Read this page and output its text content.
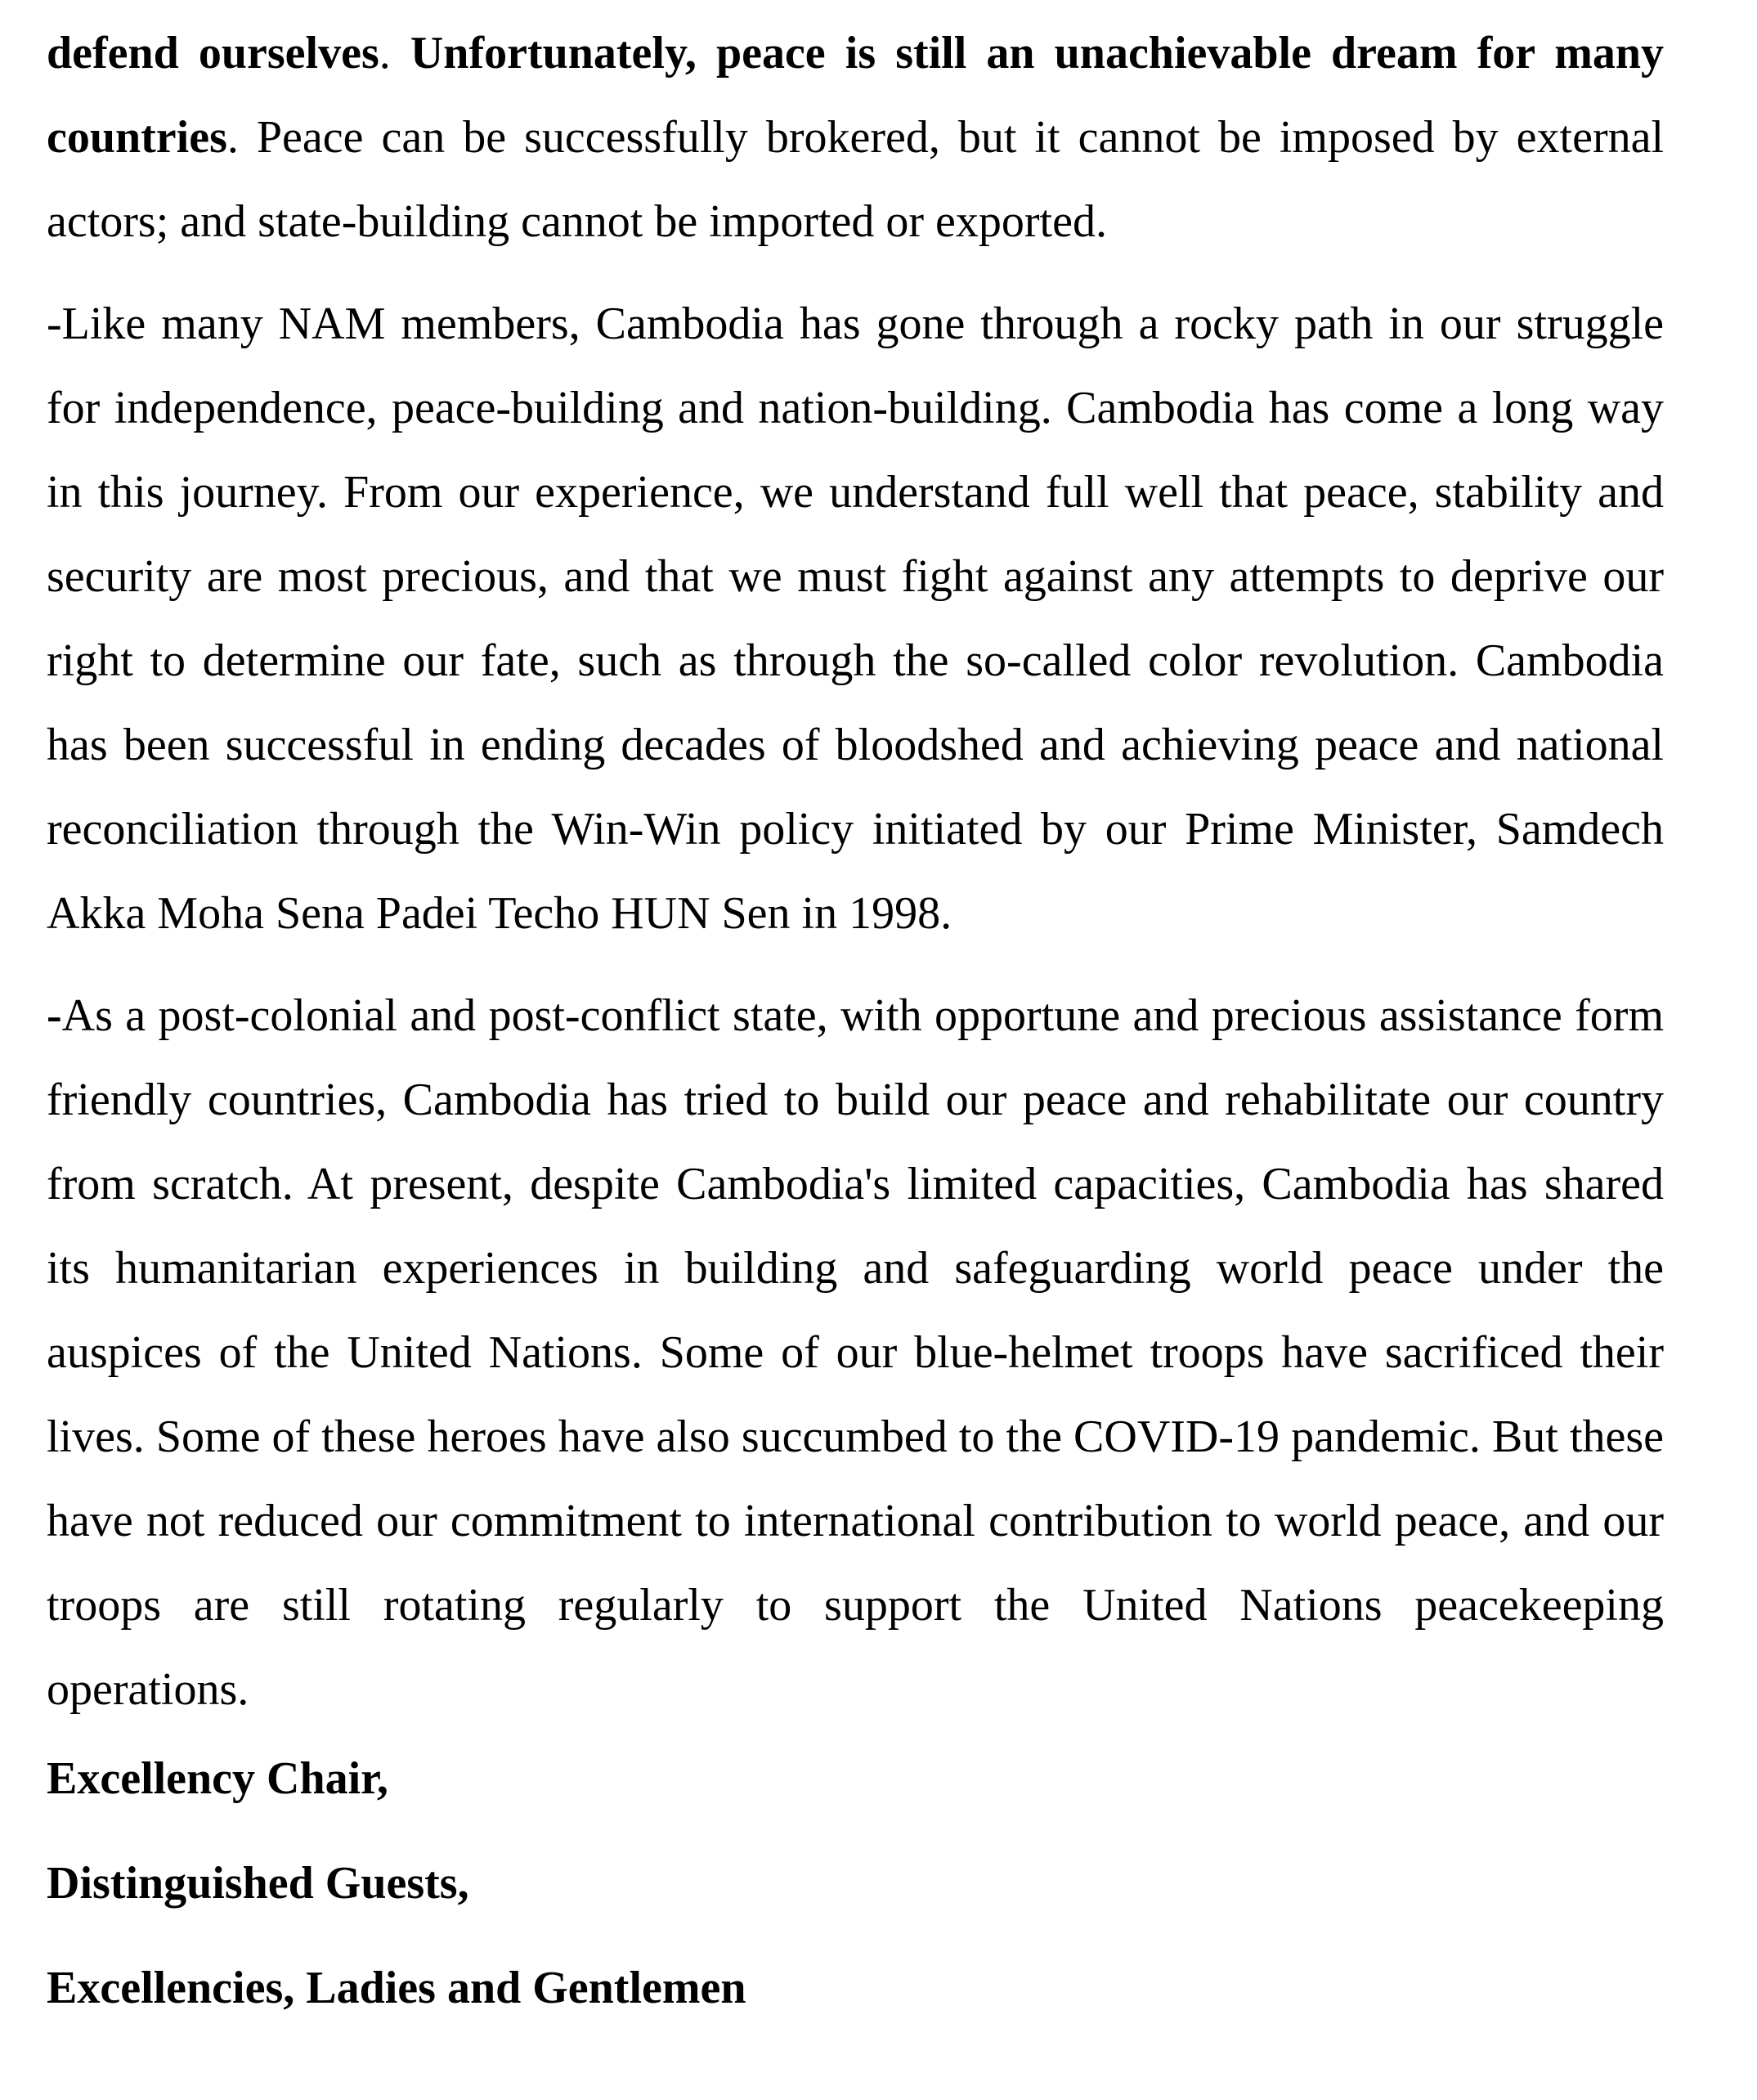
defend ourselves. Unfortunately, peace is still an unachievable dream for many countries. Peace can be successfully brokered, but it cannot be imposed by external actors; and state-building cannot be imported or exported.

-Like many NAM members, Cambodia has gone through a rocky path in our struggle for independence, peace-building and nation-building. Cambodia has come a long way in this journey. From our experience, we understand full well that peace, stability and security are most precious, and that we must fight against any attempts to deprive our right to determine our fate, such as through the so-called color revolution. Cambodia has been successful in ending decades of bloodshed and achieving peace and national reconciliation through the Win-Win policy initiated by our Prime Minister, Samdech Akka Moha Sena Padei Techo HUN Sen in 1998.

-As a post-colonial and post-conflict state, with opportune and precious assistance form friendly countries, Cambodia has tried to build our peace and rehabilitate our country from scratch. At present, despite Cambodia's limited capacities, Cambodia has shared its humanitarian experiences in building and safeguarding world peace under the auspices of the United Nations. Some of our blue-helmet troops have sacrificed their lives. Some of these heroes have also succumbed to the COVID-19 pandemic. But these have not reduced our commitment to international contribution to world peace, and our troops are still rotating regularly to support the United Nations peacekeeping operations.

Excellency Chair,

Distinguished Guests,

Excellencies, Ladies and Gentlemen
